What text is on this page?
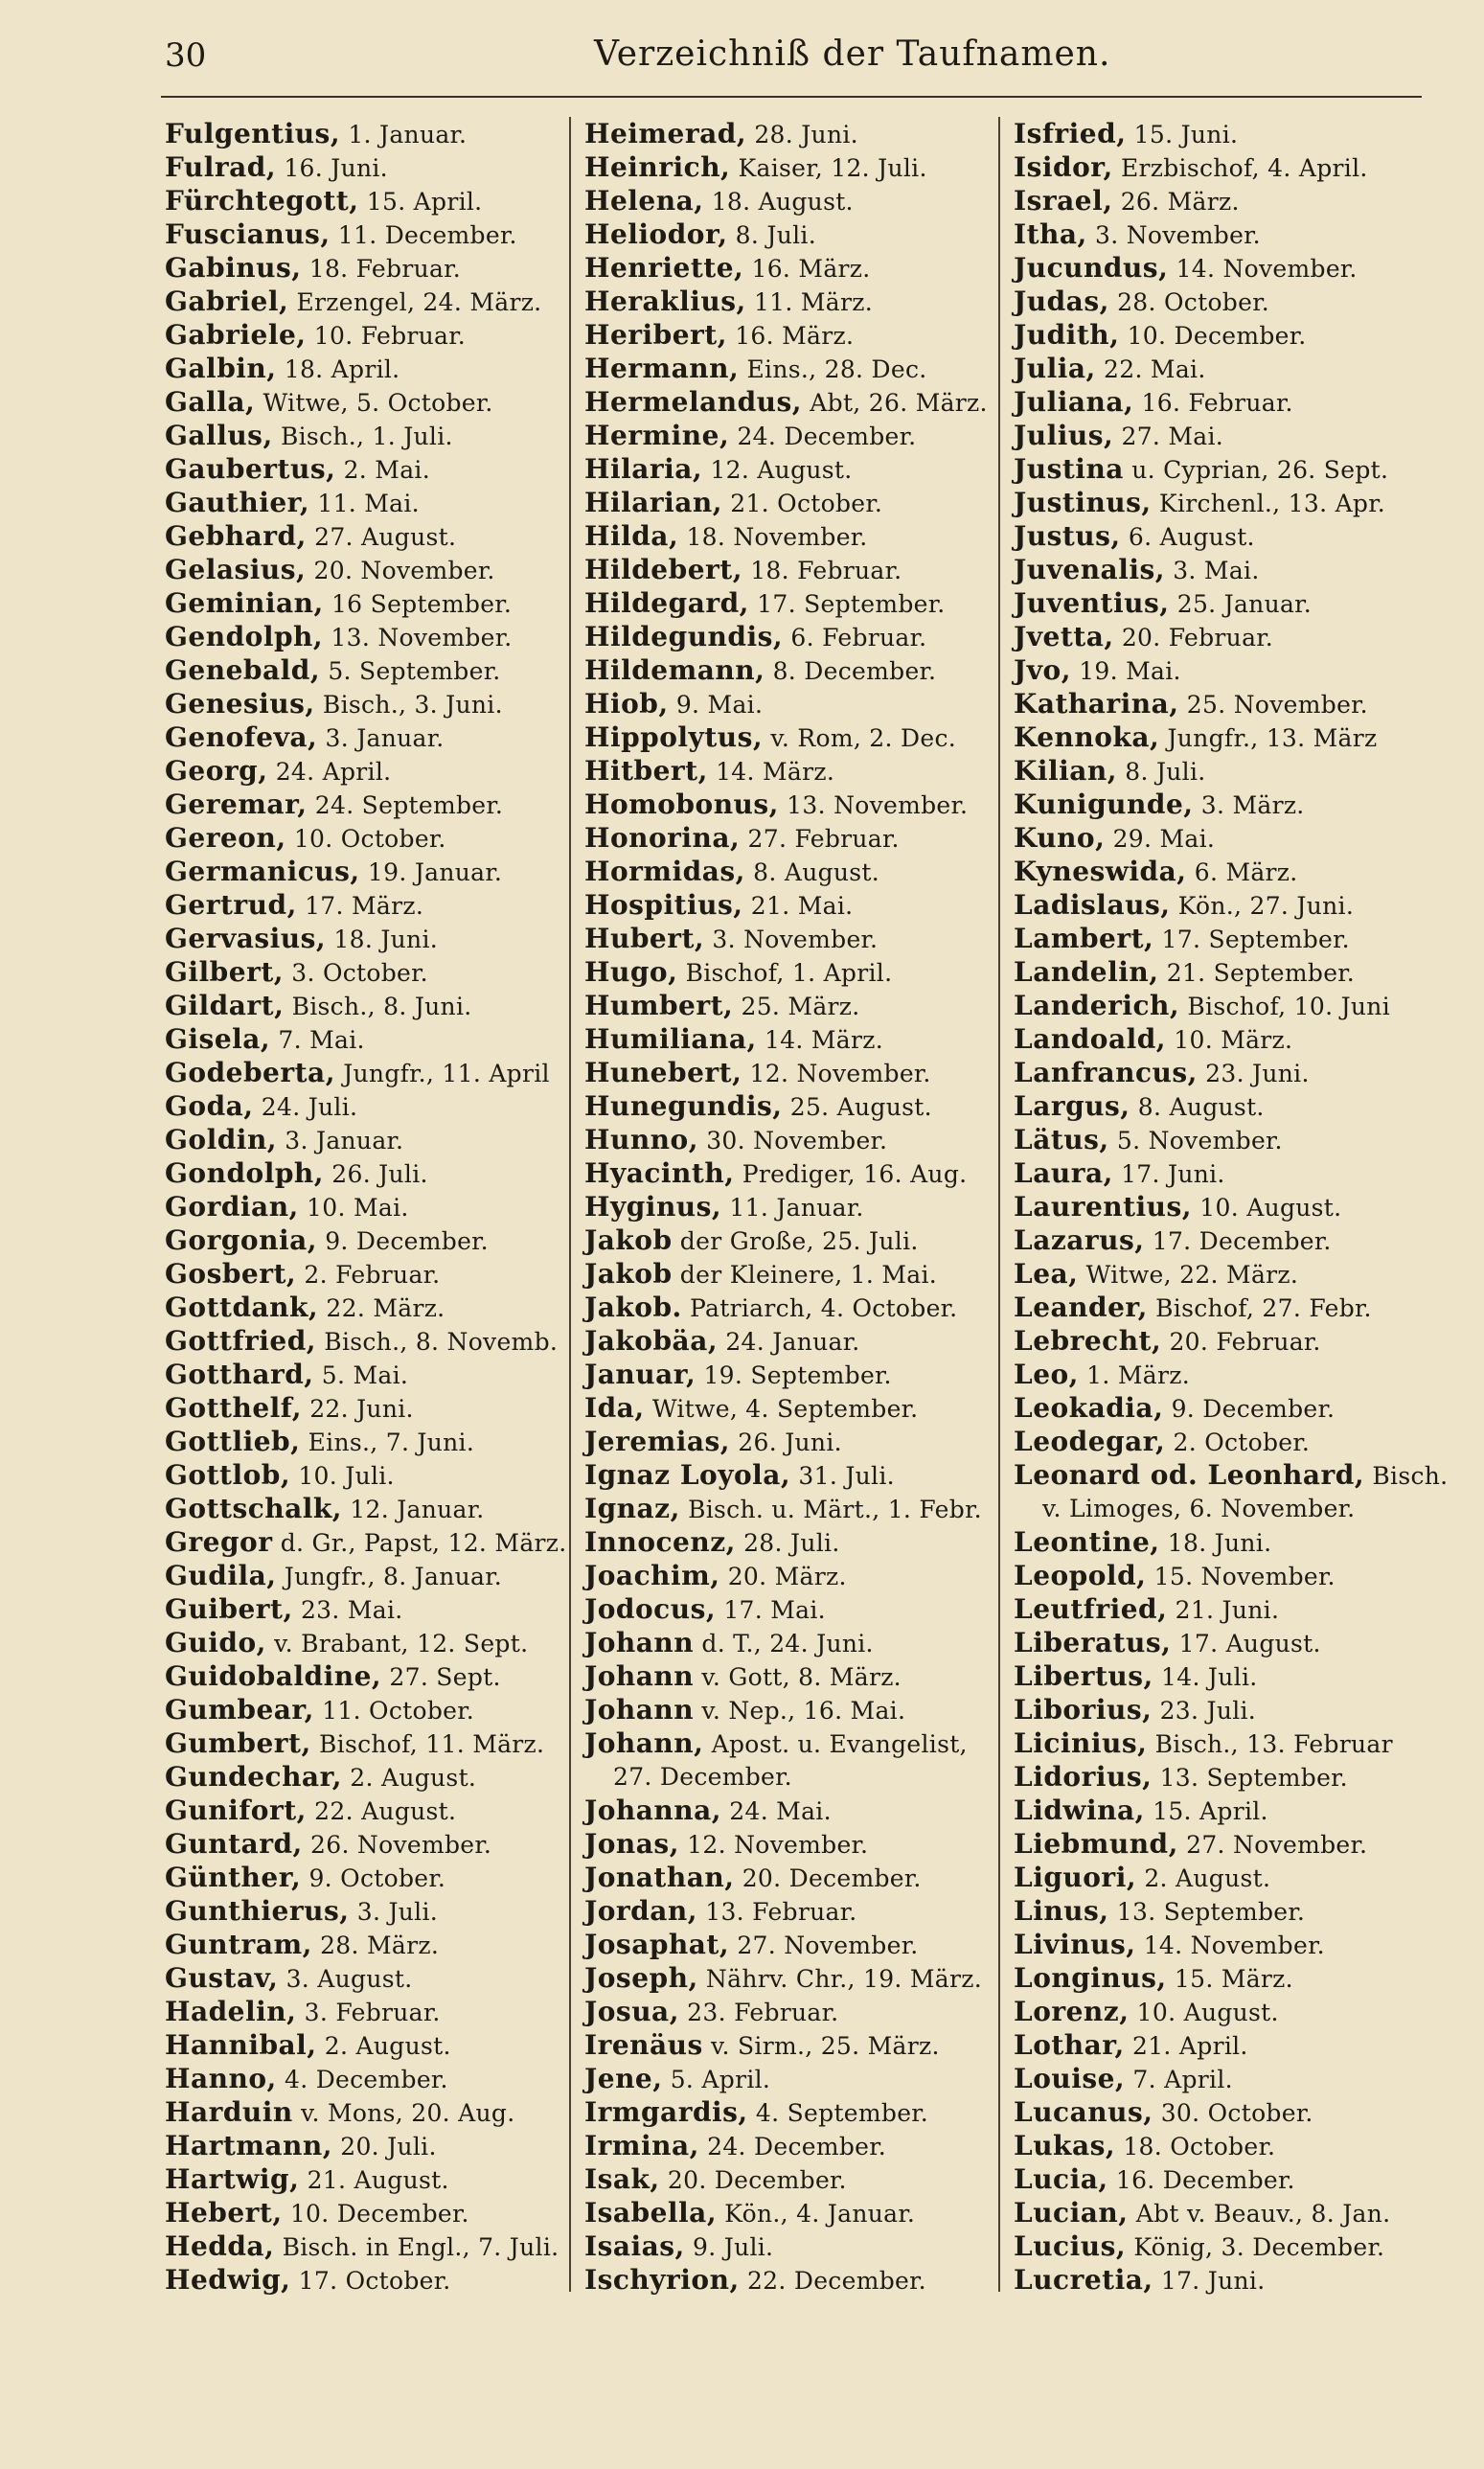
30	Verzeichniß der Taufnamen.
Fulgentius, 1. Januar.
Fulrad, 16. Juni.
Fürchtegott, 15. April.
Fuscianus, 11. December.
Gabinus, 18. Februar.
Gabriel, Erzengel, 24. März.
Gabriele, 10. Februar.
Galbin, 18. April.
Galla, Witwe, 5. October.
Gallus, Bisch., 1. Juli.
Gaubertus, 2. Mai.
Gauthier, 11. Mai.
Gebhard, 27. August.
Gelasius, 20. November.
Geminian, 16 September.
Gendolph, 13. November.
Genebald, 5. September.
Genesius, Bisch., 3. Juni.
Genofeva, 3. Januar.
Georg, 24. April.
Geremar, 24. September.
Gereon, 10. October.
Germanicus, 19. Januar.
Gertrud, 17. März.
Gervasius, 18. Juni.
Gilbert, 3. October.
Gildart, Bisch., 8. Juni.
Gisela, 7. Mai.
Godeberta, Jungfr., 11. April
Goda, 24. Juli.
Goldin, 3. Januar.
Gondolph, 26. Juli.
Gordian, 10. Mai.
Gorgonia, 9. December.
Gosbert, 2. Februar.
Gottdank, 22. März.
Gottfried, Bisch., 8. Novemb.
Gotthard, 5. Mai.
Gotthelf, 22. Juni.
Gottlieb, Eins., 7. Juni.
Gottlob, 10. Juli.
Gottschalk, 12. Januar.
Gregor d. Gr., Papst, 12. März.
Gudila, Jungfr., 8. Januar.
Guibert, 23. Mai.
Guido, v. Brabant, 12. Sept.
Guidobaldine, 27. Sept.
Gumbear, 11. October.
Gumbert, Bischof, 11. März.
Gundechar, 2. August.
Gunifort, 22. August.
Guntard, 26. November.
Günther, 9. October.
Gunthierus, 3. Juli.
Guntram, 28. März.
Gustav, 3. August.
Hadelin, 3. Februar.
Hannibal, 2. August.
Hanno, 4. December.
Harduin v. Mons, 20. Aug.
Hartmann, 20. Juli.
Hartwig, 21. August.
Hebert, 10. December.
Hedda, Bisch. in Engl., 7. Juli.
Hedwig, 17. October.
Heimerad, 28. Juni.
Heinrich, Kaiser, 12. Juli.
Helena, 18. August.
Heliodor, 8. Juli.
Henriette, 16. März.
Heraklius, 11. März.
Heribert, 16. März.
Hermann, Eins., 28. Dec.
Hermelandus, Abt, 26. März.
Hermine, 24. December.
Hilaria, 12. August.
Hilarian, 21. October.
Hilda, 18. November.
Hildebert, 18. Februar.
Hildegard, 17. September.
Hildegundis, 6. Februar.
Hildemann, 8. December.
Hiob, 9. Mai.
Hippolytus, v. Rom, 2. Dec.
Hitbert, 14. März.
Homobonus, 13. November.
Honorina, 27. Februar.
Hormidas, 8. August.
Hospitius, 21. Mai.
Hubert, 3. November.
Hugo, Bischof, 1. April.
Humbert, 25. März.
Humiliana, 14. März.
Hunebert, 12. November.
Hunegundis, 25. August.
Hunno, 30. November.
Hyacinth, Prediger, 16. Aug.
Hyginus, 11. Januar.
Jakob der Große, 25. Juli.
Jakob der Kleinere, 1. Mai.
Jakob. Patriarch, 4. October.
Jakobäa, 24. Januar.
Januar, 19. September.
Ida, Witwe, 4. September.
Jeremias, 26. Juni.
Ignaz Loyola, 31. Juli.
Ignaz, Bisch. u. Märt., 1. Febr.
Innocenz, 28. Juli.
Joachim, 20. März.
Jodocus, 17. Mai.
Johann d. T., 24. Juni.
Johann v. Gott, 8. März.
Johann v. Nep., 16. Mai.
Johann, Apost. u. Evangelist,
27. December.
Johanna, 24. Mai.
Jonas, 12. November.
Jonathan, 20. December.
Jordan, 13. Februar.
Josaphat, 27. November.
Joseph, Nährv. Chr., 19. März.
Josua, 23. Februar.
Irenäus v. Sirm., 25. März.
Jene, 5. April.
Irmgardis, 4. September.
Irmina, 24. December.
Isak, 20. December.
Isabella, Kön., 4. Januar.
Isaias, 9. Juli.
Ischyrion, 22. December.
Isfried, 15. Juni.
Isidor, Erzbischof, 4. April.
Israel, 26. März.
Itha, 3. November.
Jucundus, 14. November.
Judas, 28. October.
Judith, 10. December.
Julia, 22. Mai.
Juliana, 16. Februar.
Julius, 27. Mai.
Justina u. Cyprian, 26. Sept.
Justinus, Kirchenl., 13. Apr.
Justus, 6. August.
Juvenalis, 3. Mai.
Juventius, 25. Januar.
Jvetta, 20. Februar.
Jvo, 19. Mai.
Katharina, 25. November.
Kennoka, Jungfr., 13. März
Kilian, 8. Juli.
Kunigunde, 3. März.
Kuno, 29. Mai.
Kyneswida, 6. März.
Ladislaus, Kön., 27. Juni.
Lambert, 17. September.
Landelin, 21. September.
Landerich, Bischof, 10. Juni
Landoald, 10. März.
Lanfrancus, 23. Juni.
Largus, 8. August.
Lätus, 5. November.
Laura, 17. Juni.
Laurentius, 10. August.
Lazarus, 17. December.
Lea, Witwe, 22. März.
Leander, Bischof, 27. Febr.
Lebrecht, 20. Februar.
Leo, 1. März.
Leokadia, 9. December.
Leodegar, 2. October.
Leonard od. Leonhard, Bisch.
v. Limoges, 6. November.
Leontine, 18. Juni.
Leopold, 15. November.
Leutfried, 21. Juni.
Liberatus, 17. August.
Libertus, 14. Juli.
Liborius, 23. Juli.
Licinius, Bisch., 13. Februar
Lidorius, 13. September.
Lidwina, 15. April.
Liebmund, 27. November.
Liguori, 2. August.
Linus, 13. September.
Livinus, 14. November.
Longinus, 15. März.
Lorenz, 10. August.
Lothar, 21. April.
Louise, 7. April.
Lucanus, 30. October.
Lukas, 18. October.
Lucia, 16. December.
Lucian, Abt v. Beauv., 8. Jan.
Lucius, König, 3. December.
Lucretia, 17. Juni.
